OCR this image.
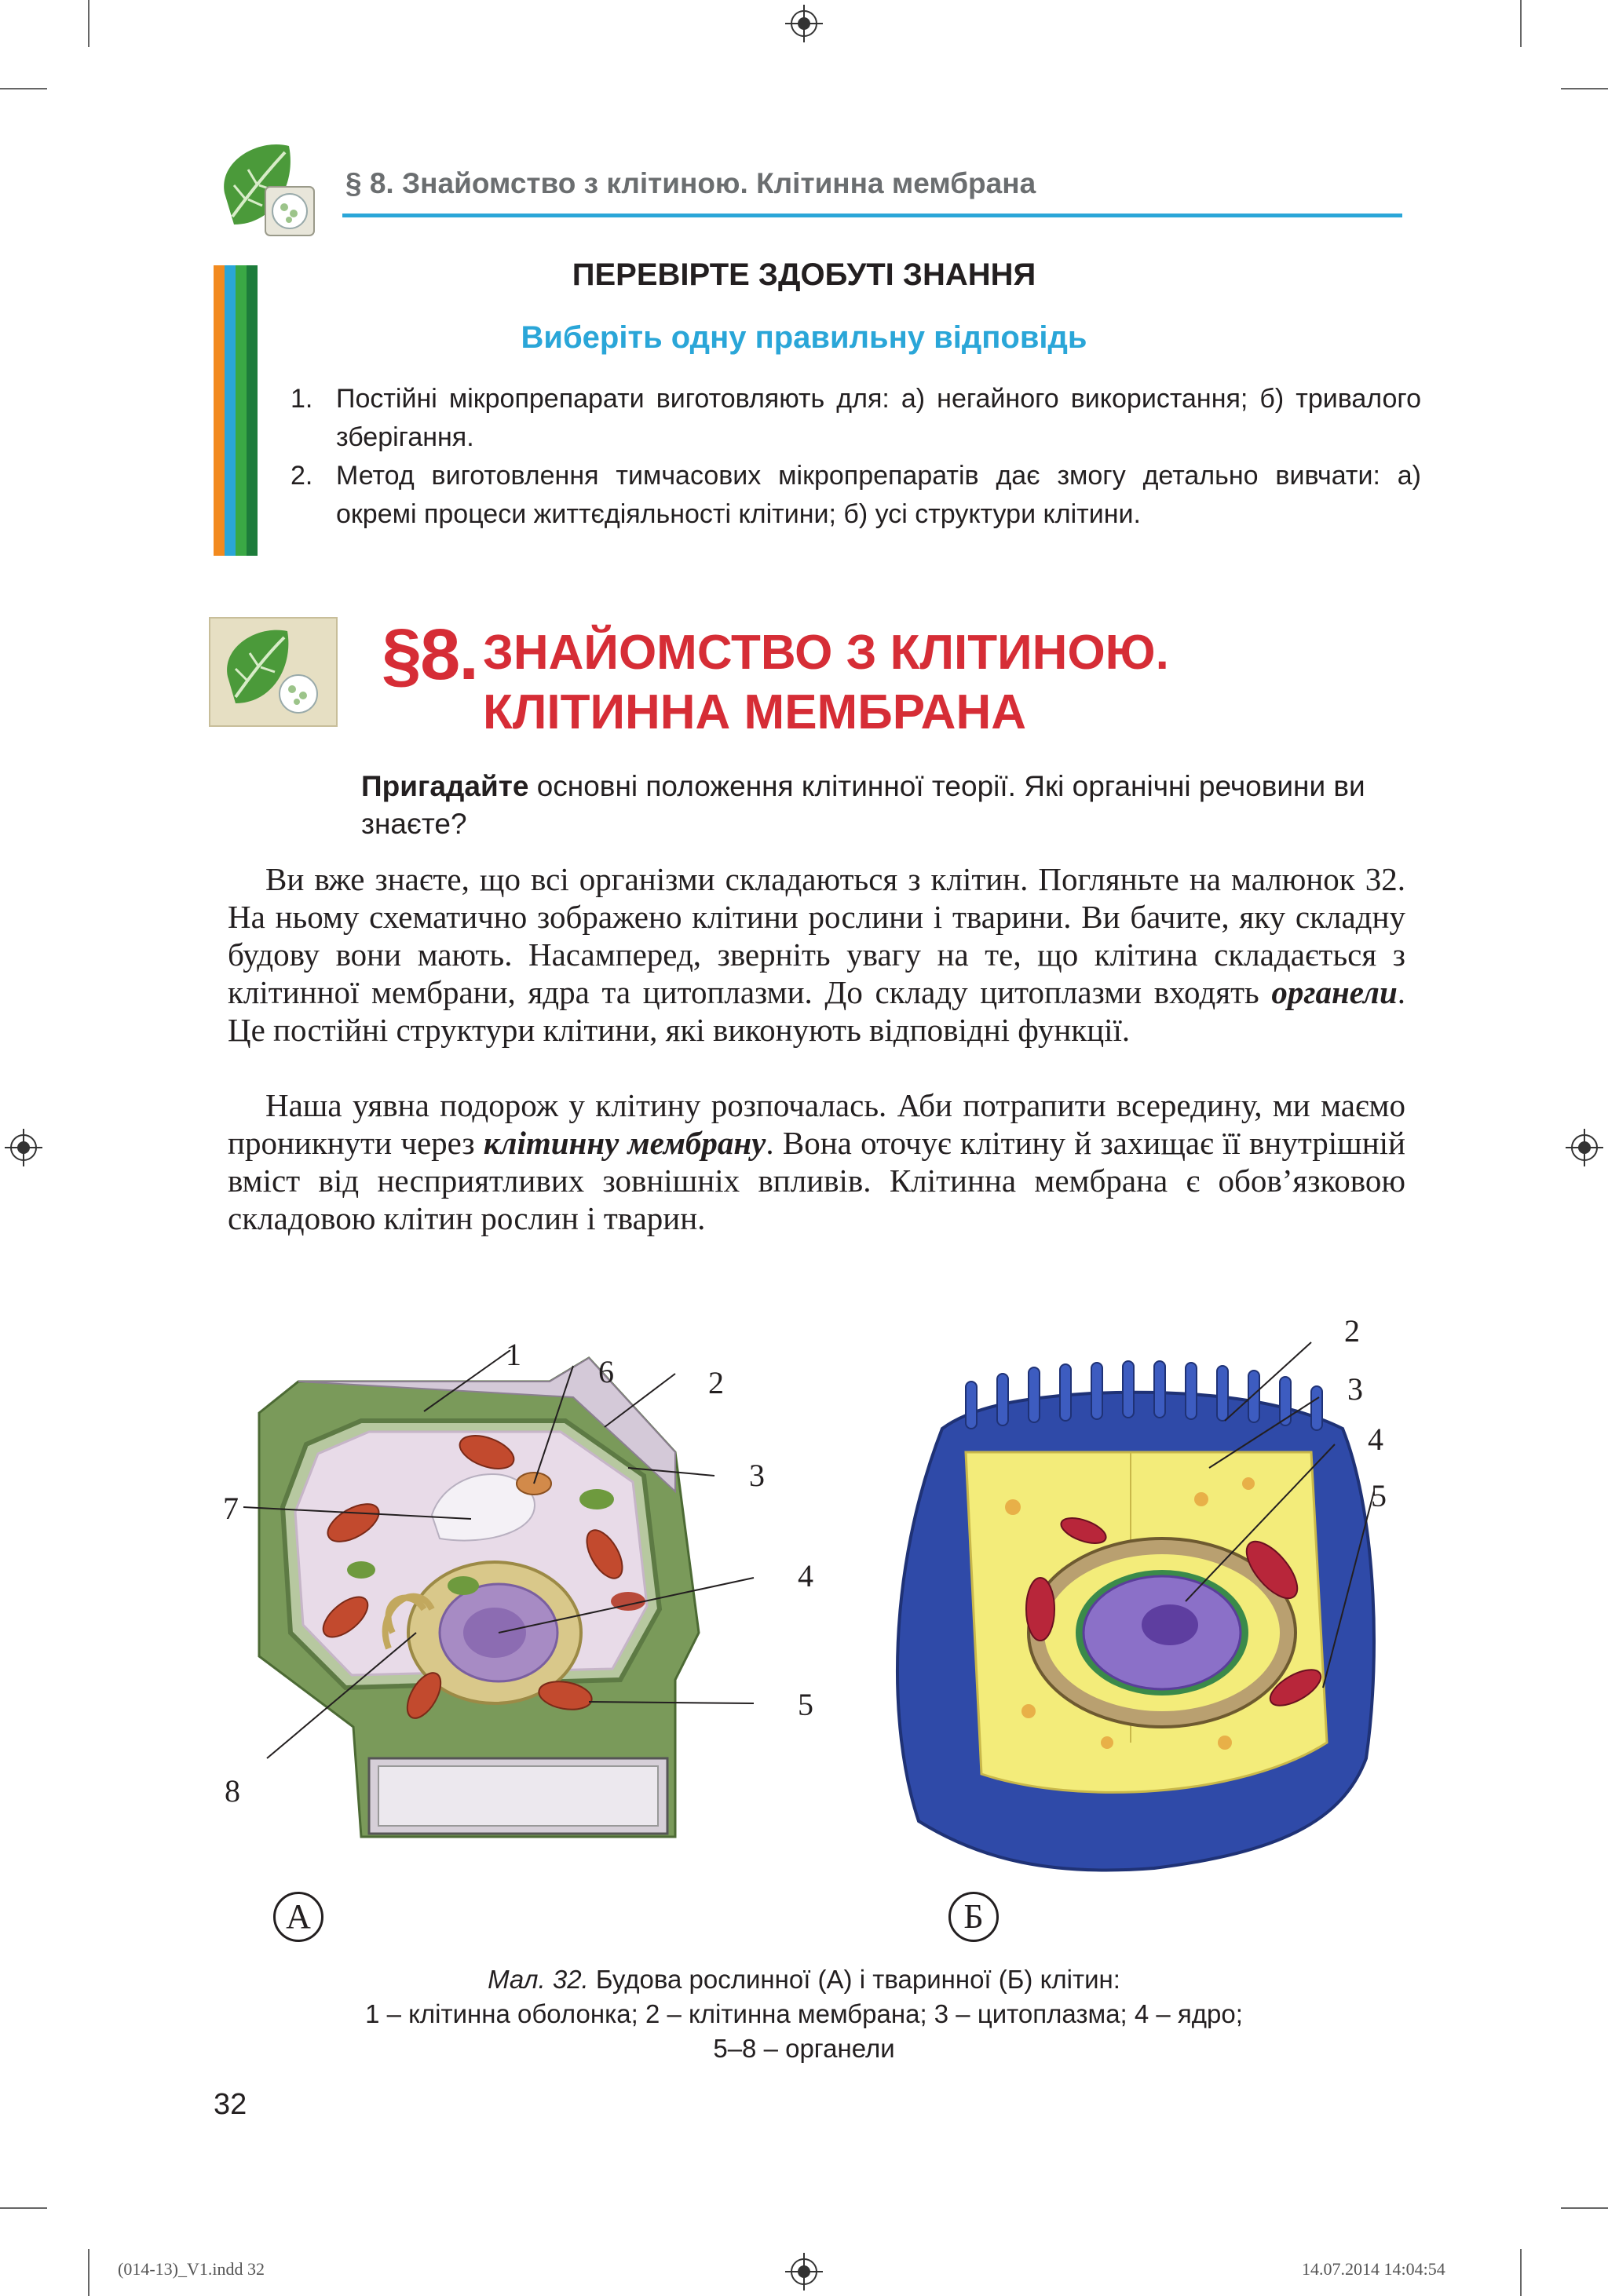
§ 8. Знайомство з клітиною. Клітинна мембрана
ПЕРЕВІРТЕ ЗДОБУТІ ЗНАННЯ
Виберіть одну правильну відповідь
1. Постійні мікропрепарати виготовляють для: а) негайного використання; б) тривалого зберігання.
2. Метод виготовлення тимчасових мікропрепаратів дає змогу детально вивчати: а) окремі процеси життєдіяльності клітини; б) усі структури клітини.
§8. ЗНАЙОМСТВО З КЛІТИНОЮ.
КЛІТИННА МЕМБРАНА
Пригадайте основні положення клітинної теорії. Які органічні речовини ви знаєте?
Ви вже знаєте, що всі організми складаються з клітин. Погляньте на малюнок 32. На ньому схематично зображено клітини рослини і тварини. Ви бачите, яку складну будову вони мають. Насамперед, зверніть увагу на те, що клітина складається з клітинної мембрани, ядра та цитоплазми. До складу цитоплазми входять органели. Це постійні структури клітини, які виконують відповідні функції.
Наша уявна подорож у клітину розпочалась. Аби потрапити всередину, ми маємо проникнути через клітинну мембрану. Вона оточує клітину й захищає її внутрішній вміст від несприятливих зовнішніх впливів. Клітинна мембрана є обов’язковою складовою клітин рослин і тварин.
1 6	2
3
7
4
5
8
2
3
4
5
А	Б
Мал. 32. Будова рослинної (А) і тваринної (Б) клітин:
1 – клітинна оболонка; 2 – клітинна мембрана; 3 – цитоплазма; 4 – ядро;
5–8 – органели
32
(014-13)_V1.indd 32	14.07.2014 14:04:54
